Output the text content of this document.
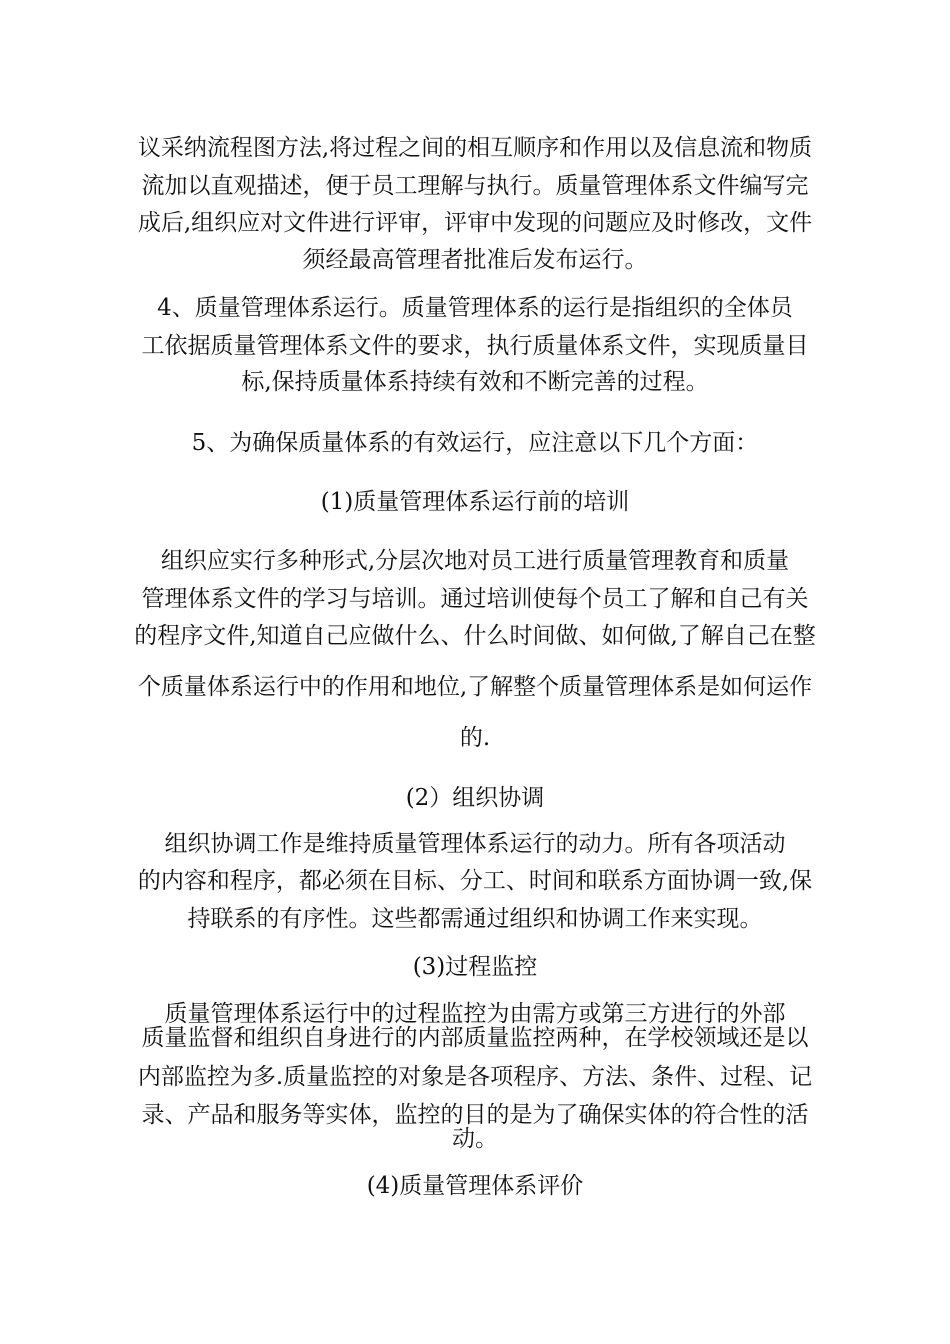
议采纳流程图方法,将过程之间的相互顺序和作用以及信息流和物质
流加以直观描述，便于员工理解与执行。质量管理体系文件编写完
成后,组织应对文件进行评审，评审中发现的问题应及时修改，文件
须经最高管理者批准后发布运行。
4、质量管理体系运行。质量管理体系的运行是指组织的全体员
工依据质量管理体系文件的要求，执行质量体系文件，实现质量目
标,保持质量体系持续有效和不断完善的过程。
5、为确保质量体系的有效运行，应注意以下几个方面：
(1)质量管理体系运行前的培训
组织应实行多种形式,分层次地对员工进行质量管理教育和质量
管理体系文件的学习与培训。通过培训使每个员工了解和自己有关
的程序文件,知道自己应做什么、什么时间做、如何做,了解自己在整
个质量体系运行中的作用和地位,了解整个质量管理体系是如何运作
的.
(2）组织协调
组织协调工作是维持质量管理体系运行的动力。所有各项活动
的内容和程序，都必须在目标、分工、时间和联系方面协调一致,保
持联系的有序性。这些都需通过组织和协调工作来实现。
(3)过程监控
质量管理体系运行中的过程监控为由需方或第三方进行的外部
质量监督和组织自身进行的内部质量监控两种，在学校领域还是以
内部监控为多.质量监控的对象是各项程序、方法、条件、过程、记
录、产品和服务等实体，监控的目的是为了确保实体的符合性的活
动。
(4)质量管理体系评价
